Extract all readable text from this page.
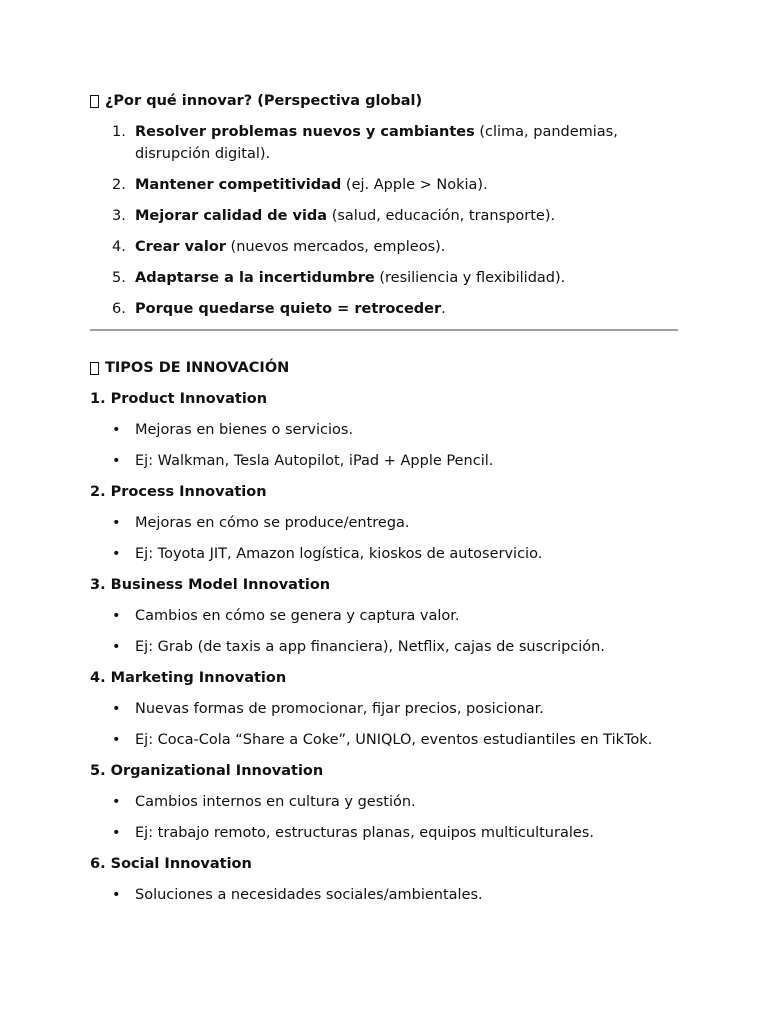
¿Por qué innovar? (Perspectiva global)
1. Resolver problemas nuevos y cambiantes (clima, pandemias, disrupción digital).
2. Mantener competitividad (ej. Apple > Nokia).
3. Mejorar calidad de vida (salud, educación, transporte).
4. Crear valor (nuevos mercados, empleos).
5. Adaptarse a la incertidumbre (resiliencia y flexibilidad).
6. Porque quedarse quieto = retroceder.
TIPOS DE INNOVACIÓN
1. Product Innovation
• Mejoras en bienes o servicios.
• Ej: Walkman, Tesla Autopilot, iPad + Apple Pencil.
2. Process Innovation
• Mejoras en cómo se produce/entrega.
• Ej: Toyota JIT, Amazon logística, kioskos de autoservicio.
3. Business Model Innovation
• Cambios en cómo se genera y captura valor.
• Ej: Grab (de taxis a app financiera), Netflix, cajas de suscripción.
4. Marketing Innovation
• Nuevas formas de promocionar, fijar precios, posicionar.
• Ej: Coca-Cola “Share a Coke”, UNIQLO, eventos estudiantiles en TikTok.
5. Organizational Innovation
• Cambios internos en cultura y gestión.
• Ej: trabajo remoto, estructuras planas, equipos multiculturales.
6. Social Innovation
• Soluciones a necesidades sociales/ambientales.
